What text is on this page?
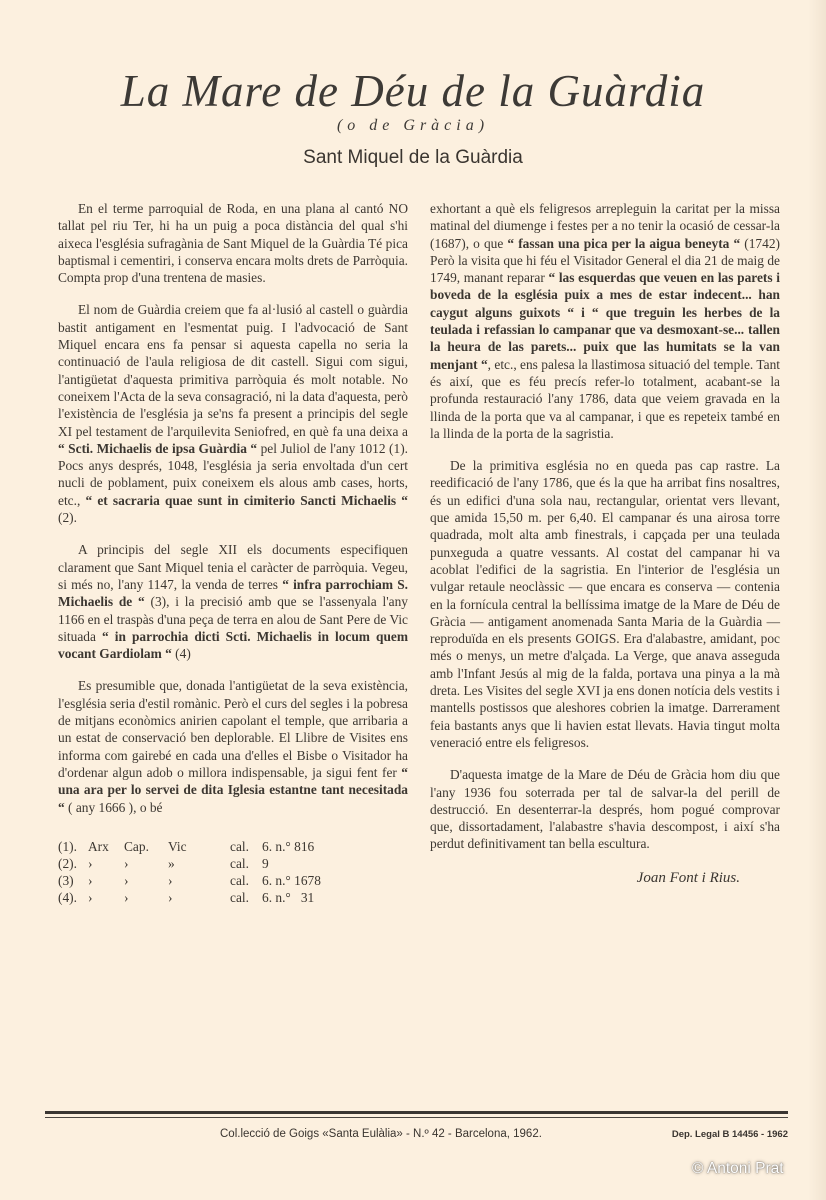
La Mare de Déu de la Guàrdia
(o de Gràcia)
Sant Miquel de la Guàrdia

En el terme parroquial de Roda, en una plana al cantó NO tallat pel riu Ter, hi ha un puig a poca distància del qual s'hi aixeca l'església sufragània de Sant Miquel de la Guàrdia Té pica baptismal i cementiri, i conserva encara molts drets de Parròquia. Compta prop d'una trentena de masies.

El nom de Guàrdia creiem que fa al·lusió al castell o guàrdia bastit antigament en l'esmentat puig. I l'advocació de Sant Miquel encara ens fa pensar si aquesta capella no seria la continuació de l'aula religiosa de dit castell. Sigui com sigui, l'antigüetat d'aquesta primitiva parròquia és molt notable. No coneixem l'Acta de la seva consagració, ni la data d'aquesta, però l'existència de l'església ja se'ns fa present a principis del segle XI pel testament de l'arquilevita Seniofred, en què fa una deixa a “ Scti. Michaelis de ipsa Guàrdia “ pel Juliol de l'any 1012 (1). Pocs anys després, 1048, l'església ja seria envoltada d'un cert nucli de poblament, puix coneixem els alous amb cases, horts, etc., “ et sacraria quae sunt in cimiterio Sancti Michaelis “ (2).

A principis del segle XII els documents especifiquen clarament que Sant Miquel tenia el caràcter de parròquia. Vegeu, si més no, l'any 1147, la venda de terres “ infra parrochiam S. Michaelis de “ (3), i la precisió amb que se l'assenyala l'any 1166 en el traspàs d'una peça de terra en alou de Sant Pere de Vic situada “ in parrochia dicti Scti. Michaelis in locum quem vocant Gardiolam “ (4)

Es presumible que, donada l'antigüetat de la seva existència, l'església seria d'estil romànic. Però el curs del segles i la pobresa de mitjans econòmics anirien capolant el temple, que arribaria a un estat de conservació ben deplorable. El Llibre de Visites ens informa com gairebé en cada una d'elles el Bisbe o Visitador ha d'ordenar algun adob o millora indispensable, ja sigui fent fer “ una ara per lo servei de dita Iglesia estantne tant necesitada “ ( any 1666 ), o bé

(1). Arx	Cap.	Vic	cal. 6. n.° 816
(2). ›	›	»	cal. 9
(3)	›	›	›	cal. 6. n.° 1678
(4). ›	›	›	cal. 6. n.°   31

exhortant a què els feligresos arrepleguin la caritat per la missa matinal del diumenge i festes per a no tenir la ocasió de cessar-la (1687), o que “ fassan una pica per la aigua beneyta “ (1742) Però la visita que hi féu el Visitador General el dia 21 de maig de 1749, manant reparar “ las esquerdas que veuen en las parets i boveda de la església puix a mes de estar indecent... han caygut alguns guixots “ i “ que treguin les herbes de la teulada i refassian lo campanar que va desmoxant-se... tallen la heura de las parets... puix que las humitats se la van menjant “, etc., ens palesa la llastimosa situació del temple. Tant és així, que es féu precís refer-lo totalment, acabant-se la profunda restauració l'any 1786, data que veiem gravada en la llinda de la porta que va al campanar, i que es repeteix també en la llinda de la porta de la sagristia.

De la primitiva església no en queda pas cap rastre. La reedificació de l'any 1786, que és la que ha arribat fins nosaltres, és un edifici d'una sola nau, rectangular, orientat vers llevant, que amida 15,50 m. per 6,40. El campanar és una airosa torre quadrada, molt alta amb finestrals, i capçada per una teulada punxeguda a quatre vessants. Al costat del campanar hi va acoblat l'edifici de la sagristia. En l'interior de l'església un vulgar retaule neoclàssic — que encara es conserva — contenia en la fornícula central la bellíssima imatge de la Mare de Déu de Gràcia — antigament anomenada Santa Maria de la Guàrdia — reproduïda en els presents GOIGS. Era d'alabastre, amidant, poc més o menys, un metre d'alçada. La Verge, que anava asseguda amb l'Infant Jesús al mig de la falda, portava una pinya a la mà dreta. Les Visites del segle XVI ja ens donen notícia dels vestits i mantells postissos que aleshores cobrien la imatge. Darrerament feia bastants anys que li havien estat llevats. Havia tingut molta veneració entre els feligresos.

D'aquesta imatge de la Mare de Déu de Gràcia hom diu que l'any 1936 fou soterrada per tal de salvar-la del perill de destrucció. En desenterrar-la després, hom pogué comprovar que, dissortadament, l'alabastre s'havia descompost, i així s'ha perdut definitivament tan bella escultura.

Joan Font i Rius.
Col.lecció de Goigs «Santa Eulàlia» - N.º 42 - Barcelona, 1962.	Dep. Legal B 14456 - 1962
© Antoni Prat
